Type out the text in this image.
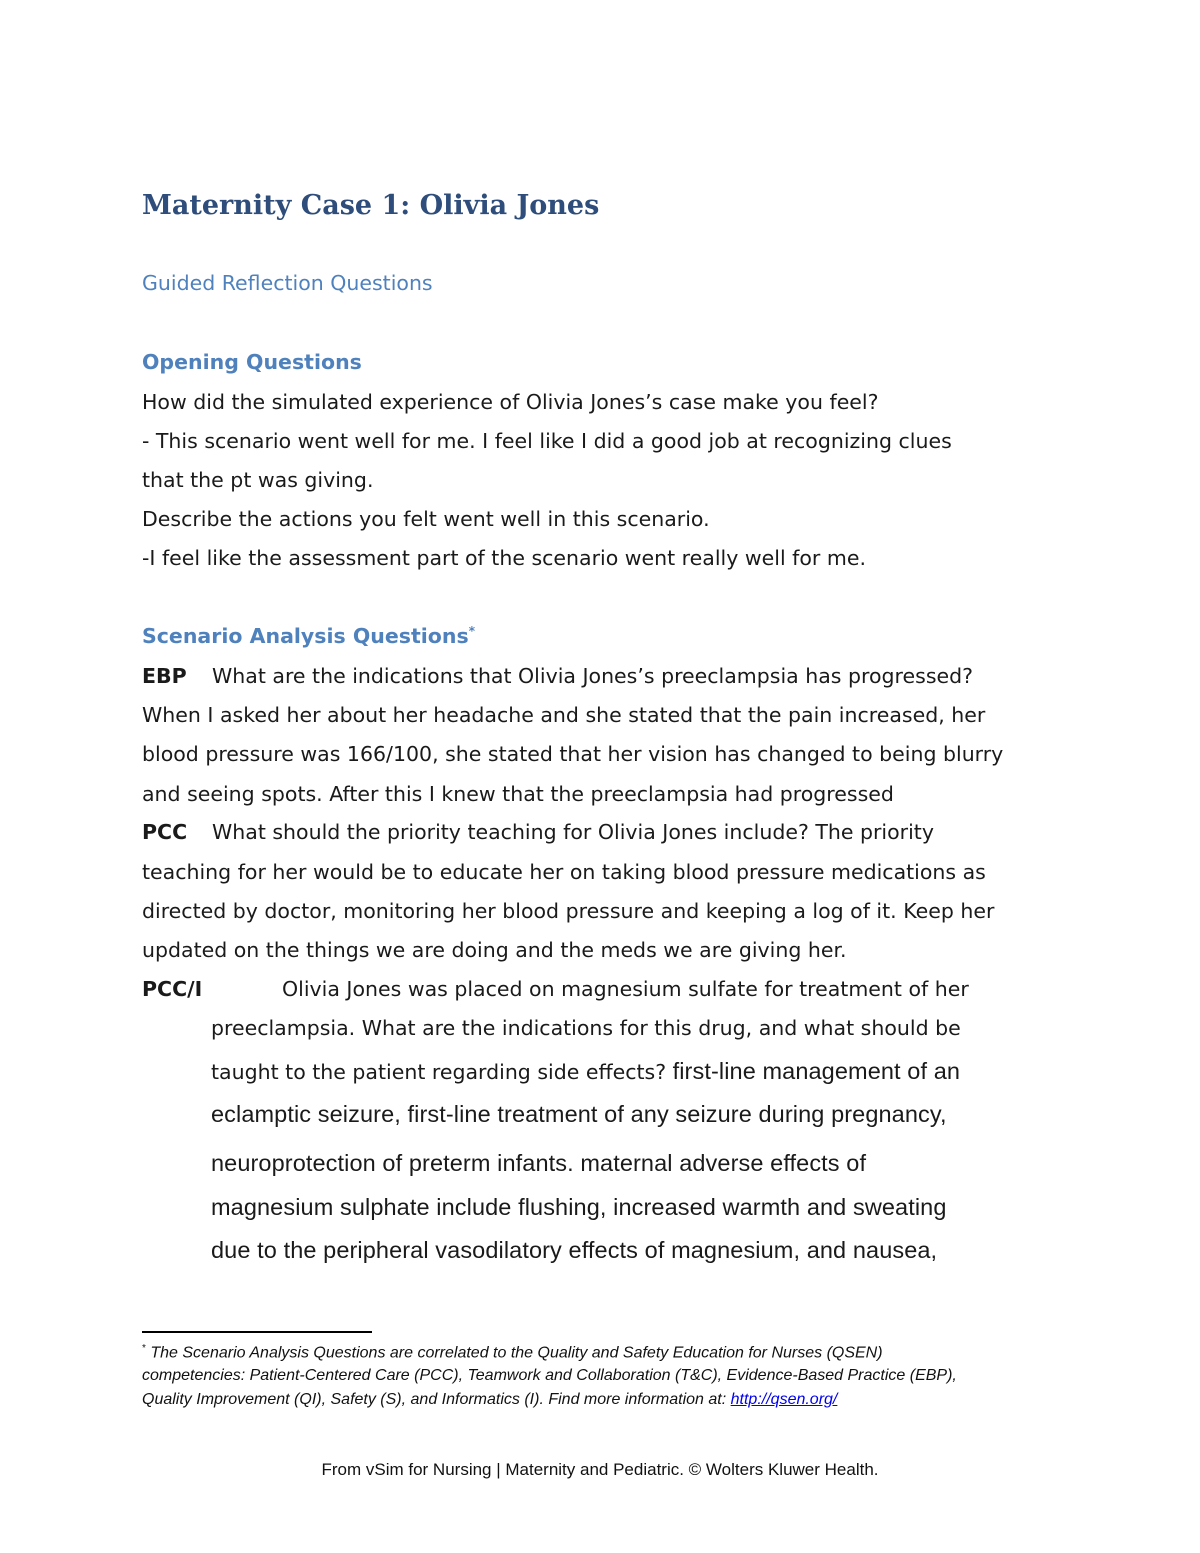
Maternity Case 1: Olivia Jones
Guided Reflection Questions
Opening Questions
How did the simulated experience of Olivia Jones’s case make you feel?
- This scenario went well for me. I feel like I did a good job at recognizing clues
that the pt was giving.
Describe the actions you felt went well in this scenario.
-I feel like the assessment part of the scenario went really well for me.
Scenario Analysis Questions*
EBP What are the indications that Olivia Jones’s preeclampsia has progressed?
When I asked her about her headache and she stated that the pain increased, her
blood pressure was 166/100, she stated that her vision has changed to being blurry
and seeing spots. After this I knew that the preeclampsia had progressed
PCC What should the priority teaching for Olivia Jones include? The priority
teaching for her would be to educate her on taking blood pressure medications as
directed by doctor, monitoring her blood pressure and keeping a log of it. Keep her
updated on the things we are doing and the meds we are giving her.
PCC/I	Olivia Jones was placed on magnesium sulfate for treatment of her
preeclampsia. What are the indications for this drug, and what should be
taught to the patient regarding side effects? first-line management of an
eclamptic seizure, first-line treatment of any seizure during pregnancy,
neuroprotection of preterm infants. maternal adverse effects of
magnesium sulphate include flushing, increased warmth and sweating
due to the peripheral vasodilatory effects of magnesium, and nausea,
* The Scenario Analysis Questions are correlated to the Quality and Safety Education for Nurses (QSEN)
competencies: Patient-Centered Care (PCC), Teamwork and Collaboration (T&C), Evidence-Based Practice (EBP),
Quality Improvement (QI), Safety (S), and Informatics (I). Find more information at: http://qsen.org/
From vSim for Nursing | Maternity and Pediatric. © Wolters Kluwer Health.
